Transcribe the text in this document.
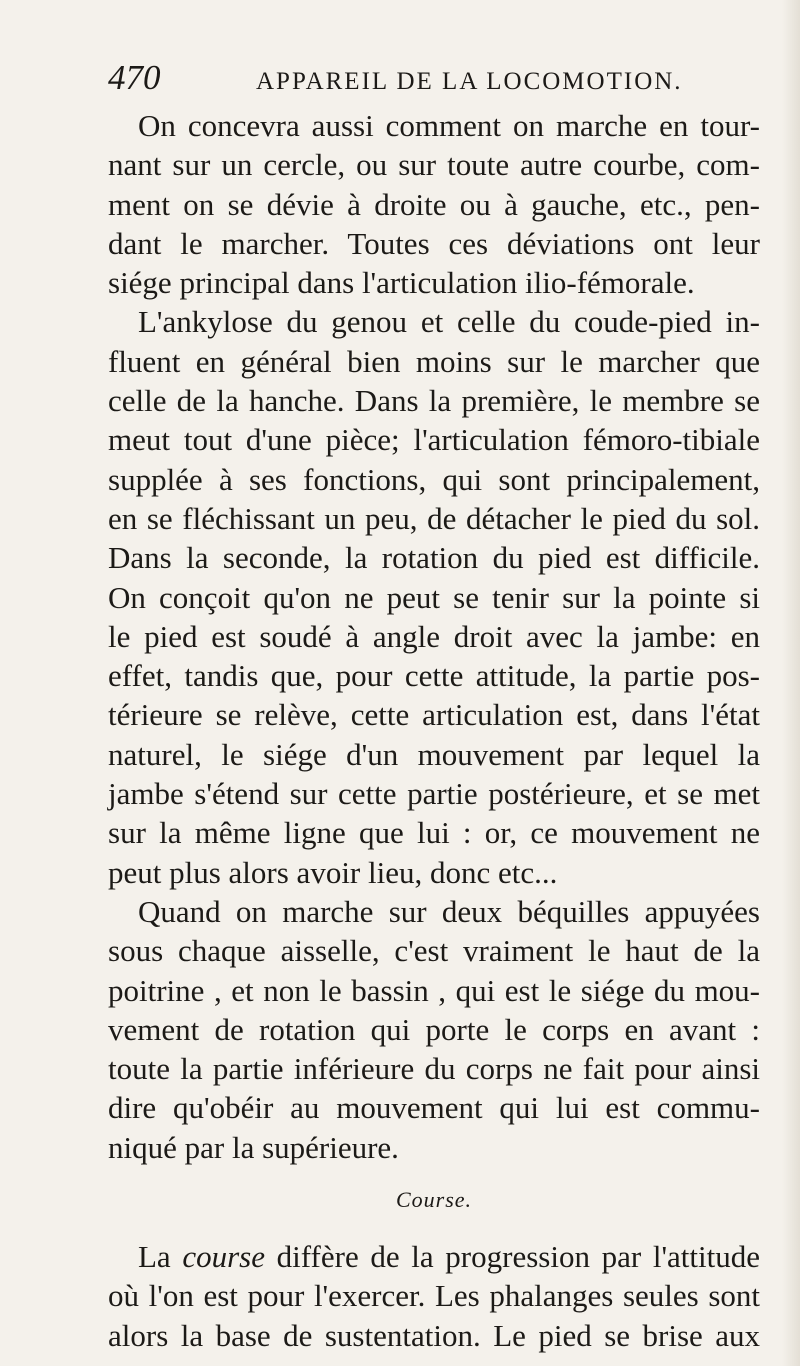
470	APPAREIL DE LA LOCOMOTION.
On concevra aussi comment on marche en tour-
nant sur un cercle, ou sur toute autre courbe, com-
ment on se dévie à droite ou à gauche, etc., pen-
dant le marcher. Toutes ces déviations ont leur
siége principal dans l'articulation ilio-fémorale.
L'ankylose du genou et celle du coude-pied in-
fluent en général bien moins sur le marcher que
celle de la hanche. Dans la première, le membre se
meut tout d'une pièce; l'articulation fémoro-tibiale
supplée à ses fonctions, qui sont principalement,
en se fléchissant un peu, de détacher le pied du sol.
Dans la seconde, la rotation du pied est difficile.
On conçoit qu'on ne peut se tenir sur la pointe si
le pied est soudé à angle droit avec la jambe: en
effet, tandis que, pour cette attitude, la partie pos-
térieure se relève, cette articulation est, dans l'état
naturel, le siége d'un mouvement par lequel la
jambe s'étend sur cette partie postérieure, et se met
sur la même ligne que lui : or, ce mouvement ne
peut plus alors avoir lieu, donc etc...
Quand on marche sur deux béquilles appuyées
sous chaque aisselle, c'est vraiment le haut de la
poitrine , et non le bassin , qui est le siége du mou-
vement de rotation qui porte le corps en avant :
toute la partie inférieure du corps ne fait pour ainsi
dire qu'obéir au mouvement qui lui est commu-
niqué par la supérieure.
Course.
La course diffère de la progression par l'attitude
où l'on est pour l'exercer. Les phalanges seules sont
alors la base de sustentation. Le pied se brise aux
